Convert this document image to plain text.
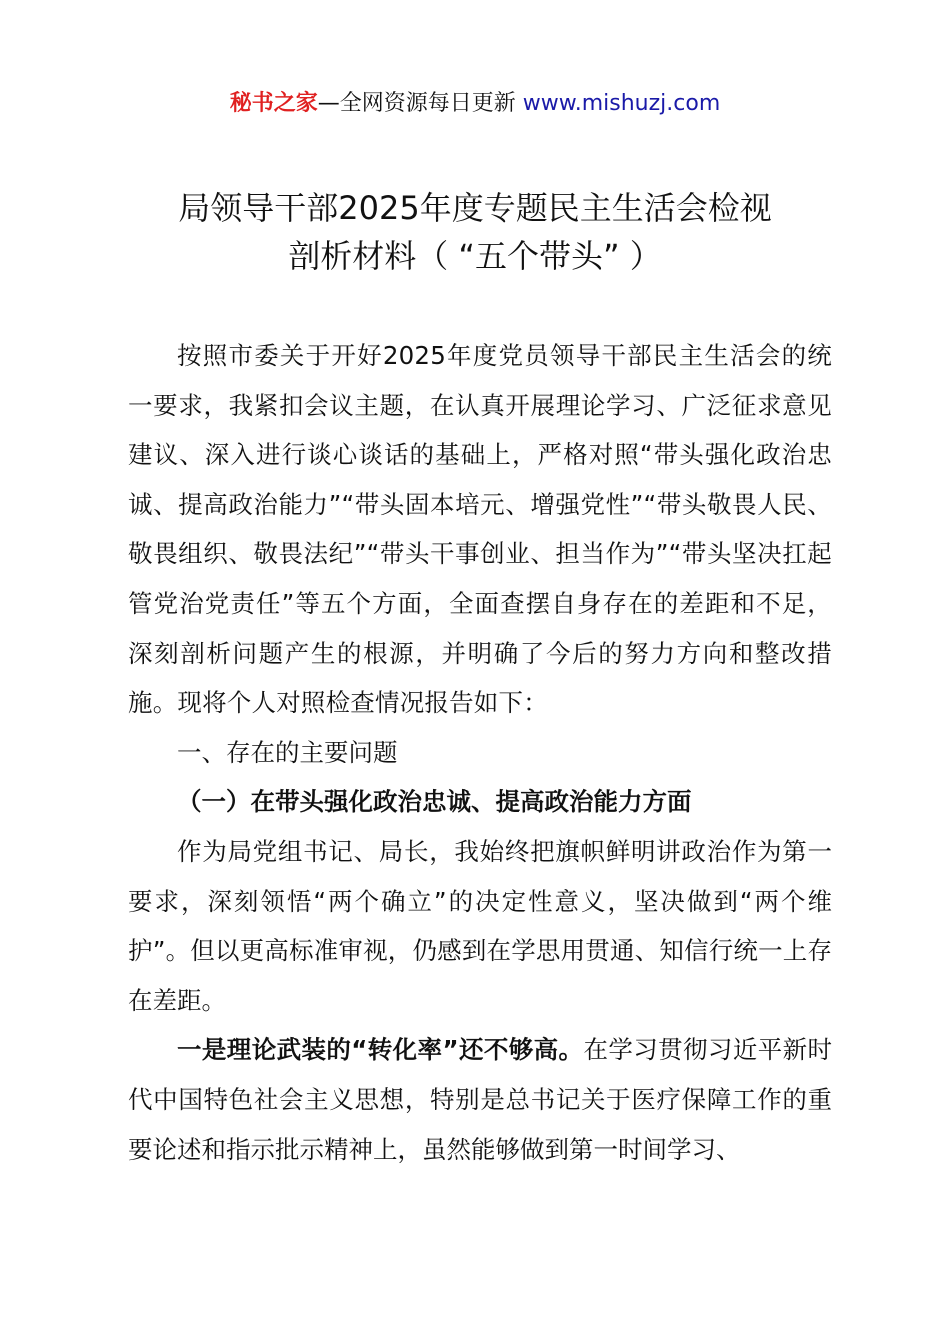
秘书之家—全网资源每日更新 www.mishuzj.com
局领导干部2025年度专题民主生活会检视
剖析材料（ “五个带头” ）

按照市委关于开好2025年度党员领导干部民主生活会的统一要求，我紧扣会议主题，在认真开展理论学习、广泛征求意见建议、深入进行谈心谈话的基础上，严格对照“带头强化政治忠诚、提高政治能力”“带头固本培元、增强党性”“带头敬畏人民、敬畏组织、敬畏法纪”“带头干事创业、担当作为”“带头坚决扛起管党治党责任”等五个方面，全面查摆自身存在的差距和不足，深刻剖析问题产生的根源，并明确了今后的努力方向和整改措施。现将个人对照检查情况报告如下：

一、存在的主要问题

（一）在带头强化政治忠诚、提高政治能力方面

作为局党组书记、局长，我始终把旗帜鲜明讲政治作为第一要求，深刻领悟“两个确立”的决定性意义，坚决做到“两个维护”。但以更高标准审视，仍感到在学思用贯通、知信行统一上存在差距。

一是理论武装的“转化率”还不够高。在学习贯彻习近平新时代中国特色社会主义思想，特别是总书记关于医疗保障工作的重要论述和指示批示精神上，虽然能够做到第一时间学习、
